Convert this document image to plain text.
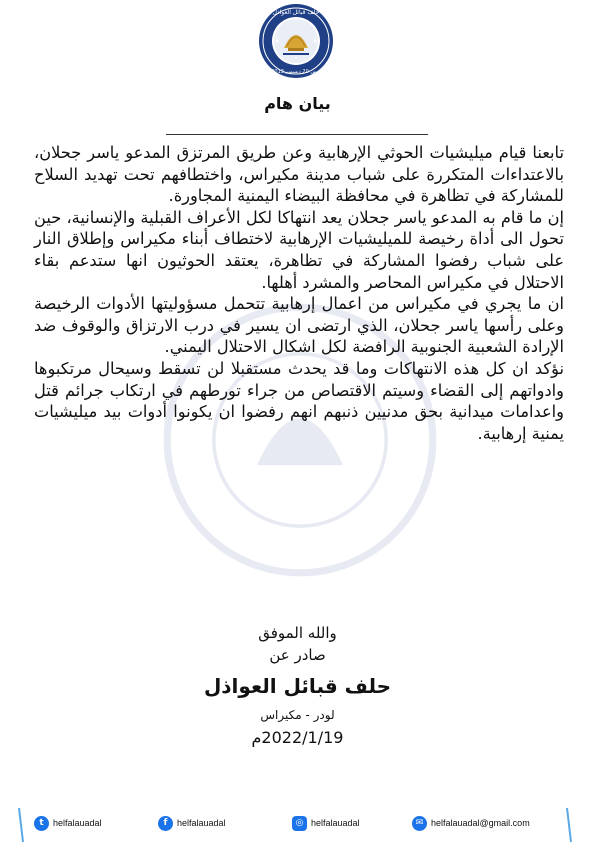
حلف قبائل العواذل
تأسس 20 ديسمبر 2013م
بيان هام

تابعنا قيام ميليشيات الحوثي الإرهابية وعن طريق المرتزق المدعو ياسر جحلان، بالاعتداءات المتكررة على شباب مدينة مكيراس، واختطافهم تحت تهديد السلاح للمشاركة في تظاهرة في محافظة البيضاء اليمنية المجاورة.

إن ما قام به المدعو ياسر جحلان يعد انتهاكا لكل الأعراف القبلية والإنسانية، حين تحول الى أداة رخيصة للميليشيات الإرهابية لاختطاف أبناء مكيراس وإطلاق النار على شباب رفضوا المشاركة في تظاهرة، يعتقد الحوثيون انها ستدعم بقاء الاحتلال في مكيراس المحاصر والمشرد أهلها.

ان ما يجري في مكيراس من اعمال إرهابية تتحمل مسؤوليتها الأدوات الرخيصة وعلى رأسها ياسر جحلان، الذي ارتضى ان يسير في درب الارتزاق والوقوف ضد الإرادة الشعبية الجنوبية الرافضة لكل اشكال الاحتلال اليمني.

نؤكد ان كل هذه الانتهاكات وما قد يحدث مستقبلا لن تسقط وسيحال مرتكبوها وادواتهم إلى القضاء وسيتم الاقتصاص من جراء تورطهم في ارتكاب جرائم قتل واعدامات ميدانية بحق مدنيين ذنبهم انهم رفضوا ان يكونوا أدوات بيد ميليشيات يمنية إرهابية.

والله الموفق
صادر عن
حلف قبائل العواذل
لودر - مكيراس
2022/1/19م
t	helfalauadal	f	helfalauadal	◎ helfalauadal	✉ helfalauadal@gmail.com
